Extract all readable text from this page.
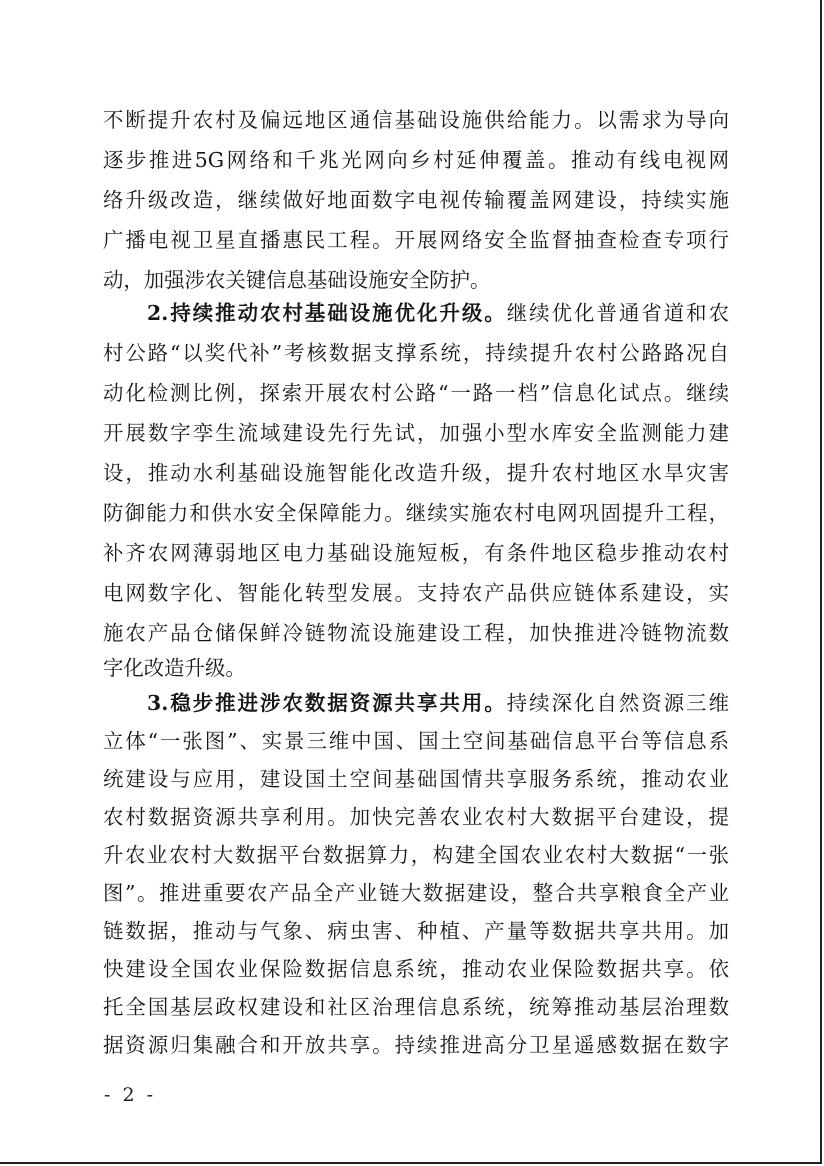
不断提升农村及偏远地区通信基础设施供给能力。以需求为导向
逐步推进5G网络和千兆光网向乡村延伸覆盖。推动有线电视网
络升级改造，继续做好地面数字电视传输覆盖网建设，持续实施
广播电视卫星直播惠民工程。开展网络安全监督抽查检查专项行
动，加强涉农关键信息基础设施安全防护。
2.持续推动农村基础设施优化升级。继续优化普通省道和农
村公路“以奖代补”考核数据支撑系统，持续提升农村公路路况自
动化检测比例，探索开展农村公路“一路一档”信息化试点。继续
开展数字孪生流域建设先行先试，加强小型水库安全监测能力建
设，推动水利基础设施智能化改造升级，提升农村地区水旱灾害
防御能力和供水安全保障能力。继续实施农村电网巩固提升工程，
补齐农网薄弱地区电力基础设施短板，有条件地区稳步推动农村
电网数字化、智能化转型发展。支持农产品供应链体系建设，实
施农产品仓储保鲜冷链物流设施建设工程，加快推进冷链物流数
字化改造升级。
3.稳步推进涉农数据资源共享共用。持续深化自然资源三维
立体“一张图”、实景三维中国、国土空间基础信息平台等信息系
统建设与应用，建设国土空间基础国情共享服务系统，推动农业
农村数据资源共享利用。加快完善农业农村大数据平台建设，提
升农业农村大数据平台数据算力，构建全国农业农村大数据“一张
图”。推进重要农产品全产业链大数据建设，整合共享粮食全产业
链数据，推动与气象、病虫害、种植、产量等数据共享共用。加
快建设全国农业保险数据信息系统，推动农业保险数据共享。依
托全国基层政权建设和社区治理信息系统，统筹推动基层治理数
据资源归集融合和开放共享。持续推进高分卫星遥感数据在数字
- 2 -
